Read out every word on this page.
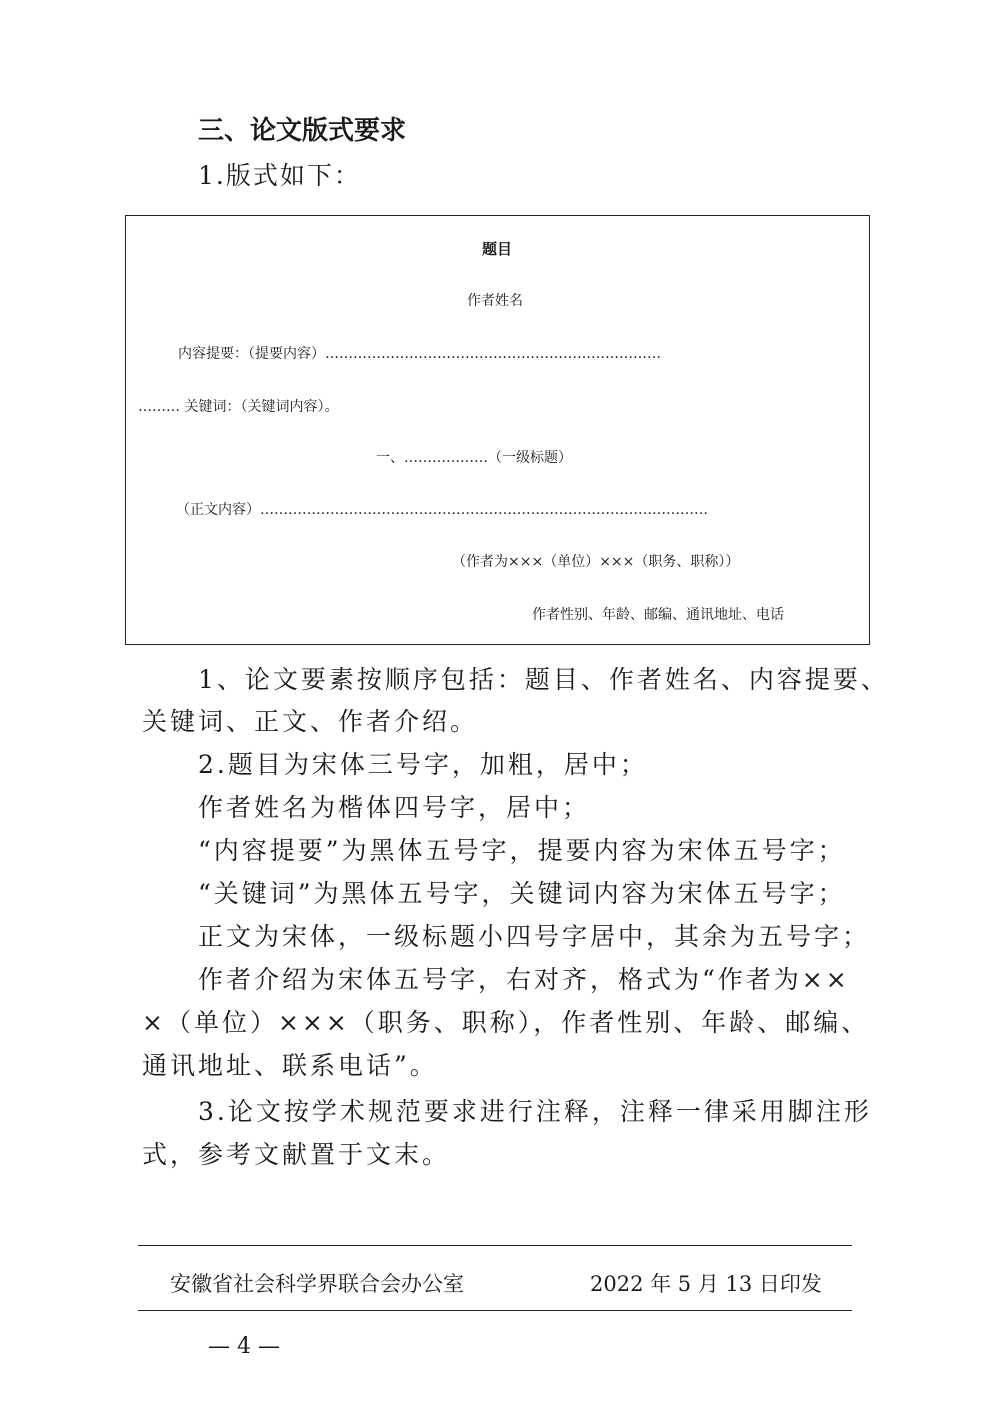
三、论文版式要求
1.版式如下：
题目
作者姓名
内容提要：（提要内容）………………………………………………………………
……… 关键词：（关键词内容）。
一、………………（一级标题）
（正文内容）……………………………………………………………………………………
（作者为×××（单位）×××（职务、职称））
作者性别、年龄、邮编、通讯地址、电话
1、论文要素按顺序包括：题目、作者姓名、内容提要、
关键词、正文、作者介绍。
2.题目为宋体三号字，加粗，居中；
作者姓名为楷体四号字，居中；
“内容提要”为黑体五号字，提要内容为宋体五号字；
“关键词”为黑体五号字，关键词内容为宋体五号字；
正文为宋体，一级标题小四号字居中，其余为五号字；
作者介绍为宋体五号字，右对齐，格式为“作者为××
×（单位）×××（职务、职称），作者性别、年龄、邮编、
通讯地址、联系电话”。
3.论文按学术规范要求进行注释，注释一律采用脚注形
式，参考文献置于文末。
安徽省社会科学界联合会办公室	2022 年 5 月 13 日印发
— 4 —
